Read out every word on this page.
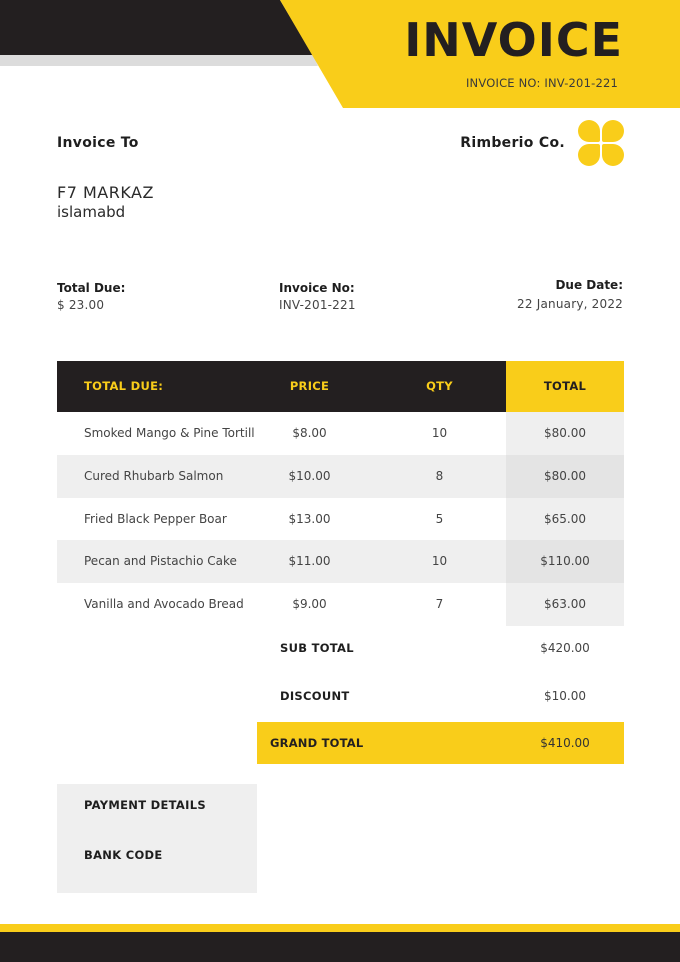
INVOICE
INVOICE NO: INV-201-221
Invoice To	Rimberio Co.
F7 MARKAZ
islamabd
Total Due:
$ 23.00
Invoice No:
INV-201-221
Due Date:
22 January, 2022
TOTAL DUE:	PRICE	QTY	TOTAL
Smoked Mango & Pine Tortill	$8.00	10	$80.00
Cured Rhubarb Salmon	$10.00	8	$80.00
Fried Black Pepper Boar	$13.00	5	$65.00
Pecan and Pistachio Cake	$11.00	10	$110.00
Vanilla and Avocado Bread	$9.00	7	$63.00
SUB TOTAL	$420.00
DISCOUNT	$10.00
GRAND TOTAL	$410.00
PAYMENT DETAILS
BANK CODE
